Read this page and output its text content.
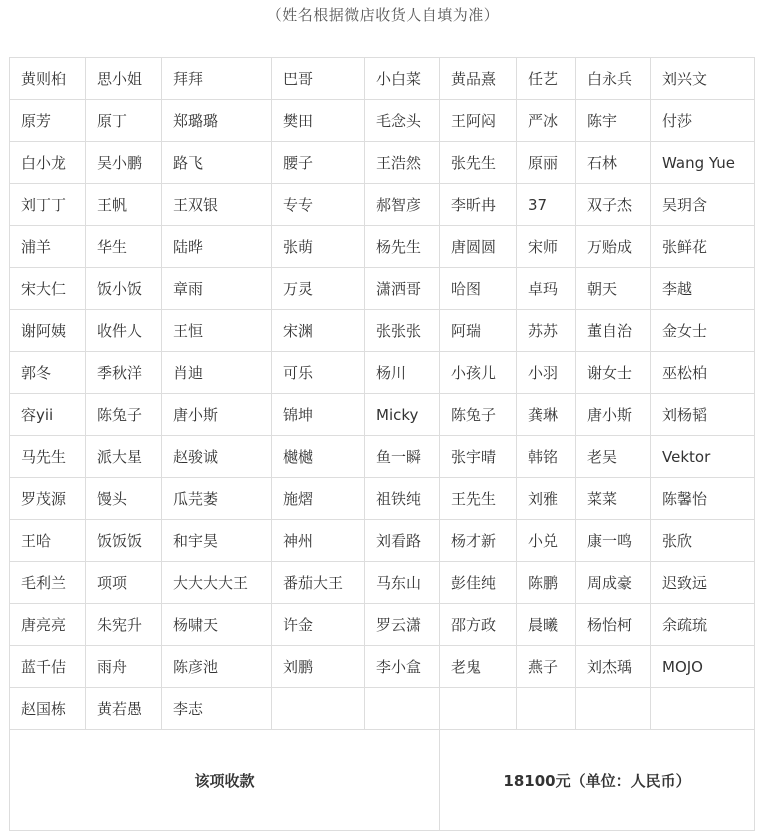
（姓名根据微店收货人自填为准）
黄则桕	思小姐	拜拜	巴哥	小白菜	黄品熹	任艺	白永兵	刘兴文
原芳	原丁	郑璐璐	樊田	毛念头	王阿闷	严冰	陈宇	付莎
白小龙	吴小鹏	路飞	腰子	王浩然	张先生	原丽	石林	Wang Yue
刘丁丁	王帆	王双银	专专	郝智彦	李昕冉	37	双子杰	吴玥含
浦羊	华生	陆晔	张萌	杨先生	唐圆圆	宋师	万贻成	张鲜花
宋大仁	饭小饭	章雨	万灵	潇洒哥	哈图	卓玛	朝天	李越
谢阿姨	收件人	王恒	宋渊	张张张	阿瑞	苏苏	董自治	金女士
郭冬	季秋洋	肖迪	可乐	杨川	小孩儿	小羽	谢女士	巫松柏
容yii	陈兔子	唐小斯	锦坤	Micky	陈兔子	龚琳	唐小斯	刘杨韬
马先生	派大星	赵骏诚	樾樾	鱼一瞬	张宇晴	韩铭	老吴	Vektor
罗茂源	馒头	瓜芫萎	施熠	祖铁纯	王先生	刘雅	菜菜	陈馨怡
王哈	饭饭饭	和宇昊	神州	刘看路	杨才新	小兑	康一鸣	张欣
毛利兰	项项	大大大大王	番茄大王	马东山	彭佳纯	陈鹏	周成豪	迟致远
唐亮亮	朱宪升	杨啸天	许金	罗云潇	邵方政	晨曦	杨怡柯	余疏琉
蓝千佶	雨舟	陈彦池	刘鹏	李小盒	老鬼	燕子	刘杰瑀	MOJO
赵国栋	黄若愚	李志						
该项收款	18100元（单位：人民币）
